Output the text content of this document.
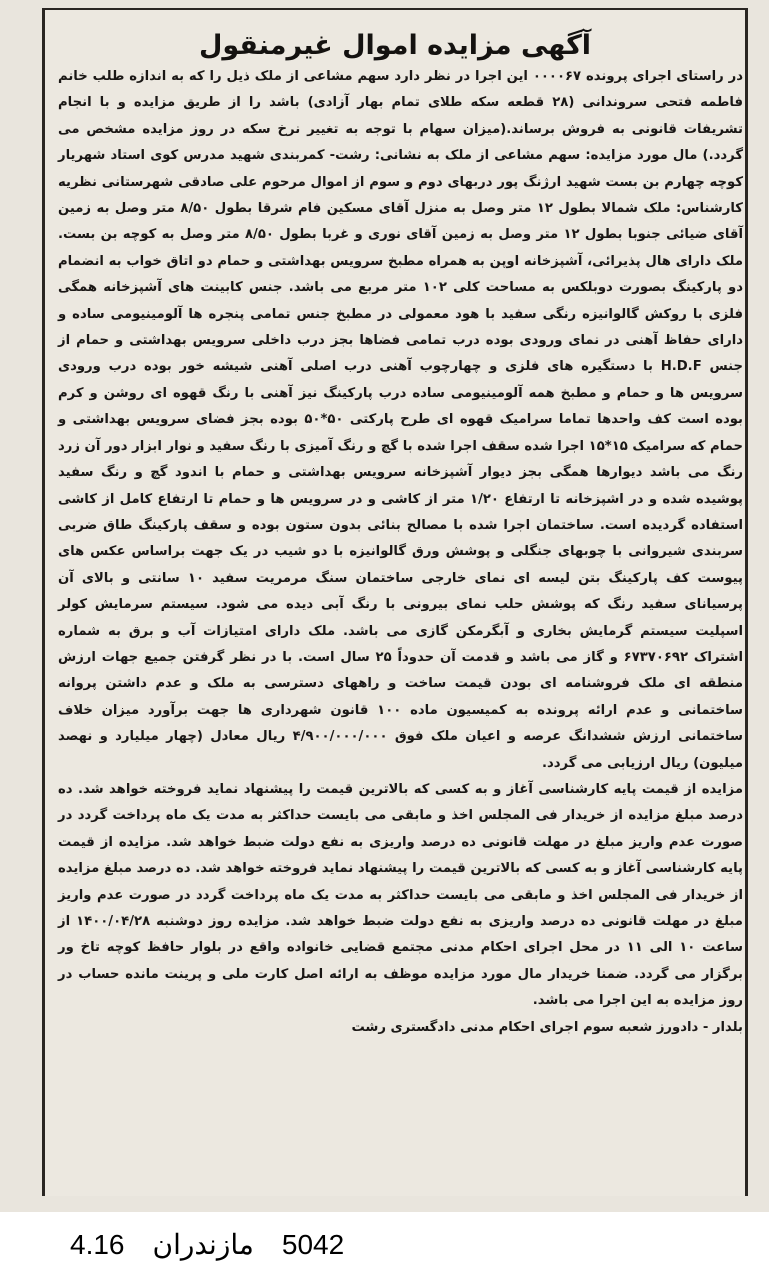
آگهی مزایده اموال غیرمنقول

در راستای اجرای پرونده ۰۰۰۰۶۷ این اجرا در نظر دارد سهم مشاعی از ملک ذیل را که به اندازه طلب خانم فاطمه فتحی سروندانی (۲۸ قطعه سکه طلای تمام بهار آزادی) باشد را از طریق مزایده و با انجام تشریفات قانونی به فروش برساند.(میزان سهام با توجه به تغییر نرخ سکه در روز مزایده مشخص می گردد.) مال مورد مزایده: سهم مشاعی از ملک به نشانی: رشت- کمربندی شهید مدرس کوی استاد شهریار کوچه چهارم بن بست شهید ارژنگ پور دربهای دوم و سوم از اموال مرحوم علی صادقی شهرستانی نظریه کارشناس: ملک شمالا بطول ۱۲ متر وصل به منزل آقای مسکین فام شرقا بطول ۸/۵۰ متر وصل به زمین آقای ضیائی جنوبا بطول ۱۲ متر وصل به زمین آقای نوری و غربا بطول ۸/۵۰ متر وصل به کوچه بن بست. ملک دارای هال پذیرائی، آشپزخانه اوپن به همراه مطبخ سرویس بهداشتی و حمام دو اتاق خواب به انضمام دو پارکینگ بصورت دوبلکس به مساحت کلی ۱۰۲ متر مربع می باشد. جنس کابینت های آشپزخانه همگی فلزی با روکش گالوانیزه رنگی سفید با هود معمولی در مطبخ جنس تمامی پنجره ها آلومینیومی ساده و دارای حفاظ آهنی در نمای ورودی بوده درب تمامی فضاها بجز درب داخلی سرویس بهداشتی و حمام از جنس H.D.F با دستگیره های فلزی و چهارچوب آهنی درب اصلی آهنی شیشه خور بوده درب ورودی سرویس ها و حمام و مطبخ همه آلومینیومی ساده درب پارکینگ نیز آهنی با رنگ قهوه ای روشن و کرم بوده است کف واحدها تماما سرامیک قهوه ای طرح پارکتی ۵۰*۵۰ بوده بجز فضای سرویس بهداشتی و حمام که سرامیک ۱۵*۱۵ اجرا شده سقف اجرا شده با گچ و رنگ آمیزی با رنگ سفید و نوار ابزار دور آن زرد رنگ می باشد دیوارها همگی بجز دیوار آشپزخانه سرویس بهداشتی و حمام با اندود گچ و رنگ سفید پوشیده شده و در اشپزخانه تا ارتفاع ۱/۲۰ متر از کاشی و در سرویس ها و حمام تا ارتفاع کامل از کاشی استفاده گردیده است. ساختمان اجرا شده با مصالح بنائی بدون ستون بوده و سقف پارکینگ طاق ضربی سربندی شیروانی با چوبهای جنگلی و پوشش ورق گالوانیزه با دو شیب در یک جهت براساس عکس های پیوست کف پارکینگ بتن لیسه ای نمای خارجی ساختمان سنگ مرمریت سفید ۱۰ سانتی و بالای آن پرسیانای سفید رنگ که پوشش حلب نمای بیرونی با رنگ آبی دیده می شود. سیستم سرمایش کولر اسپلیت سیستم گرمایش بخاری و آبگرمکن گازی می باشد. ملک دارای امتیازات آب و برق به شماره اشتراک ۶۷۳۷۰۶۹۲ و گاز می باشد و قدمت آن حدوداً ۲۵ سال است. با در نظر گرفتن جمیع جهات ارزش منطقه ای ملک فروشنامه ای بودن قیمت ساخت و راههای دسترسی به ملک و عدم داشتن پروانه ساختمانی و عدم ارائه پرونده به کمیسیون ماده ۱۰۰ قانون شهرداری ها جهت برآورد میزان خلاف ساختمانی ارزش ششدانگ عرصه و اعیان ملک فوق ۴/۹۰۰/۰۰۰/۰۰۰ ریال معادل (چهار میلیارد و نهصد میلیون) ریال ارزیابی می گردد.

مزایده از قیمت پایه کارشناسی آغاز و به کسی که بالاترین قیمت را پیشنهاد نماید فروخته خواهد شد. ده درصد مبلغ مزایده از خریدار فی المجلس اخذ و مابقی می بایست حداکثر به مدت یک ماه پرداخت گردد در صورت عدم واریز مبلغ در مهلت قانونی ده درصد واریزی به نفع دولت ضبط خواهد شد. مزایده از قیمت پایه کارشناسی آغاز و به کسی که بالاترین قیمت را پیشنهاد نماید فروخته خواهد شد. ده درصد مبلغ مزایده از خریدار فی المجلس اخذ و مابقی می بایست حداکثر به مدت یک ماه پرداخت گردد در صورت عدم واریز مبلغ در مهلت قانونی ده درصد واریزی به نفع دولت ضبط خواهد شد. مزایده روز دوشنبه ۱۴۰۰/۰۴/۲۸ از ساعت ۱۰ الی ۱۱ در محل اجرای احکام مدنی مجتمع قضایی خانواده واقع در بلوار حافظ کوچه تاخ ور برگزار می گردد. ضمنا خریدار مال مورد مزایده موظف به ارائه اصل کارت ملی و پرینت مانده حساب در روز مزایده به این اجرا می باشد.

بلدار - دادورز شعبه سوم اجرای احکام مدنی دادگستری رشت

4.16 مازندران 5042
